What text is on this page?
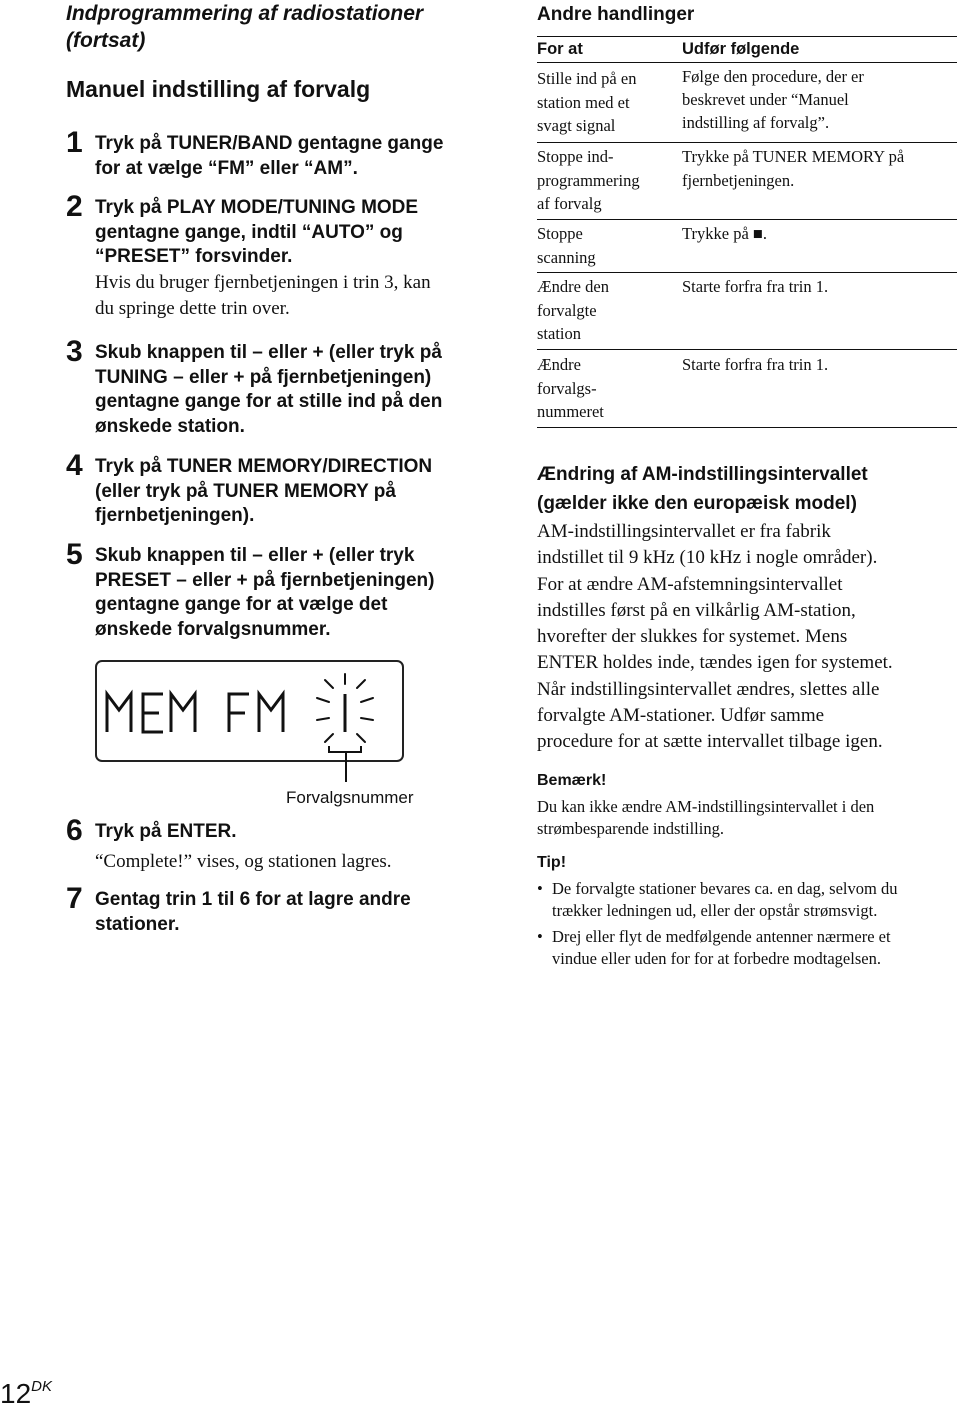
Indprogrammering af radiostationer
(fortsat)
Manuel indstilling af forvalg
1 Tryk på TUNER/BAND gentagne gange
for at vælge “FM” eller “AM”.
2 Tryk på PLAY MODE/TUNING MODE
gentagne gange, indtil “AUTO” og
“PRESET” forsvinder.
Hvis du bruger fjernbetjeningen i trin 3, kan
du springe dette trin over.
3 Skub knappen til – eller + (eller tryk på
TUNING – eller + på fjernbetjeningen)
gentagne gange for at stille ind på den
ønskede station.
4 Tryk på TUNER MEMORY/DIRECTION
(eller tryk på TUNER MEMORY på
fjernbetjeningen).
5 Skub knappen til – eller + (eller tryk
PRESET – eller + på fjernbetjeningen)
gentagne gange for at vælge det
ønskede forvalgsnummer.
Forvalgsnummer
6 Tryk på ENTER.
“Complete!” vises, og stationen lagres.
7 Gentag trin 1 til 6 for at lagre andre
stationer.
Andre handlinger
For at	Udfør følgende
Stille ind på en
station med et
svagt signal
Følge den procedure, der er
beskrevet under “Manuel
indstilling af forvalg”.
Stoppe ind-
programmering
af forvalg
Trykke på TUNER MEMORY på
fjernbetjeningen.
Stoppe
scanning
Trykke på ■.
Ændre den
forvalgte
station
Starte forfra fra trin 1.
Ændre
forvalgs-
nummeret
Starte forfra fra trin 1.
Ændring af AM-indstillingsintervallet
(gælder ikke den europæisk model)
AM-indstillingsintervallet er fra fabrik
indstillet til 9 kHz (10 kHz i nogle områder).
For at ændre AM-afstemningsintervallet
indstilles først på en vilkårlig AM-station,
hvorefter der slukkes for systemet. Mens
ENTER holdes inde, tændes igen for systemet.
Når indstillingsintervallet ændres, slettes alle
forvalgte AM-stationer. Udfør samme
procedure for at sætte intervallet tilbage igen.
Bemærk!
Du kan ikke ændre AM-indstillingsintervallet i den
strømbesparende indstilling.
Tip!
• De forvalgte stationer bevares ca. en dag, selvom du
trækker ledningen ud, eller der opstår strømsvigt.
• Drej eller flyt de medfølgende antenner nærmere et
vindue eller uden for for at forbedre modtagelsen.
$12^{DK}$
